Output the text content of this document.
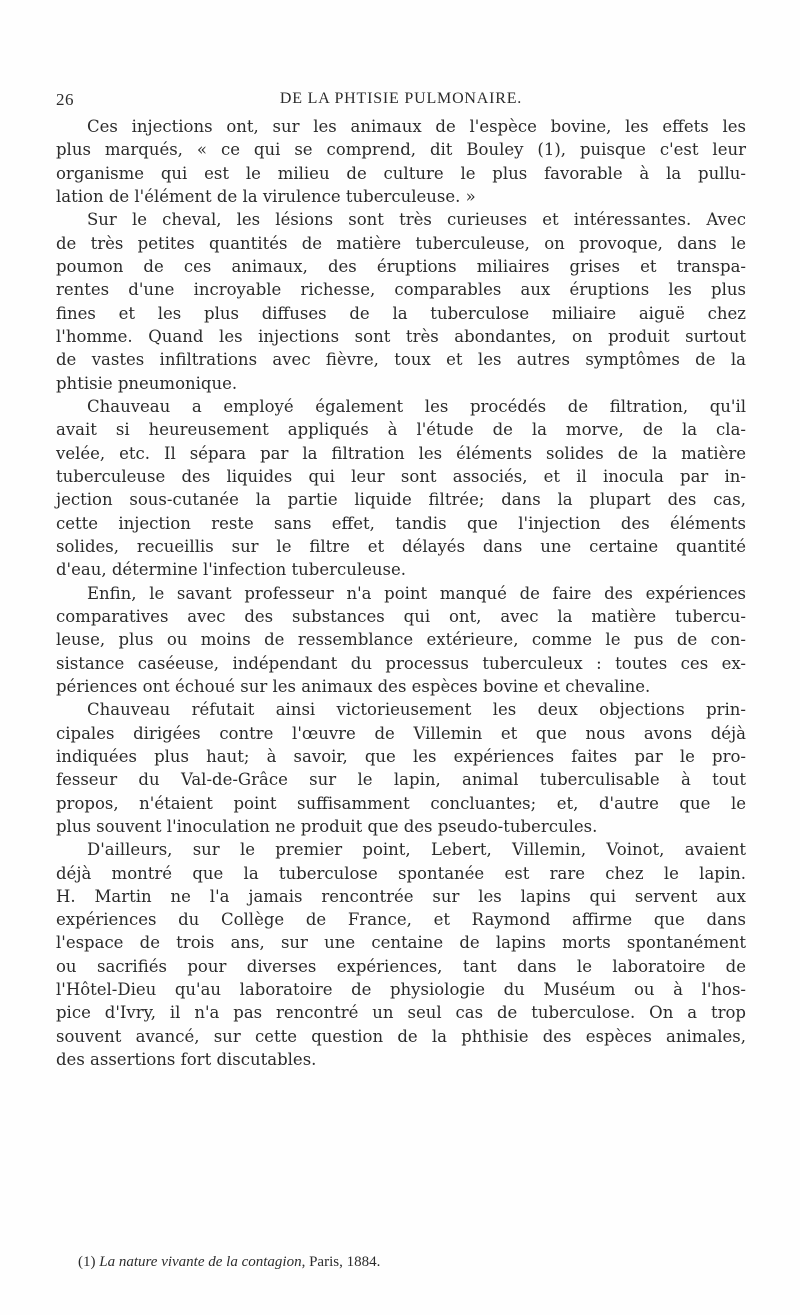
26	DE LA PHTISIE PULMONAIRE.
Ces injections ont, sur les animaux de l'espèce bovine, les effets les
plus marqués, « ce qui se comprend, dit Bouley (1), puisque c'est leur
organisme qui est le milieu de culture le plus favorable à la pullu-
lation de l'élément de la virulence tuberculeuse. »
Sur le cheval, les lésions sont très curieuses et intéressantes. Avec
de très petites quantités de matière tuberculeuse, on provoque, dans le
poumon de ces animaux, des éruptions miliaires grises et transpa-
rentes d'une incroyable richesse, comparables aux éruptions les plus
fines et les plus diffuses de la tuberculose miliaire aiguë chez
l'homme. Quand les injections sont très abondantes, on produit surtout
de vastes infiltrations avec fièvre, toux et les autres symptômes de la
phtisie pneumonique.
Chauveau a employé également les procédés de filtration, qu'il
avait si heureusement appliqués à l'étude de la morve, de la cla-
velée, etc. Il sépara par la filtration les éléments solides de la matière
tuberculeuse des liquides qui leur sont associés, et il inocula par in-
jection sous-cutanée la partie liquide filtrée; dans la plupart des cas,
cette injection reste sans effet, tandis que l'injection des éléments
solides, recueillis sur le filtre et délayés dans une certaine quantité
d'eau, détermine l'infection tuberculeuse.
Enfin, le savant professeur n'a point manqué de faire des expériences
comparatives avec des substances qui ont, avec la matière tubercu-
leuse, plus ou moins de ressemblance extérieure, comme le pus de con-
sistance caséeuse, indépendant du processus tuberculeux : toutes ces ex-
périences ont échoué sur les animaux des espèces bovine et chevaline.
Chauveau réfutait ainsi victorieusement les deux objections prin-
cipales dirigées contre l'œuvre de Villemin et que nous avons déjà
indiquées plus haut; à savoir, que les expériences faites par le pro-
fesseur du Val-de-Grâce sur le lapin, animal tuberculisable à tout
propos, n'étaient point suffisamment concluantes; et, d'autre que le
plus souvent l'inoculation ne produit que des pseudo-tubercules.
D'ailleurs, sur le premier point, Lebert, Villemin, Voinot, avaient
déjà montré que la tuberculose spontanée est rare chez le lapin.
H. Martin ne l'a jamais rencontrée sur les lapins qui servent aux
expériences du Collège de France, et Raymond affirme que dans
l'espace de trois ans, sur une centaine de lapins morts spontanément
ou sacrifiés pour diverses expériences, tant dans le laboratoire de
l'Hôtel-Dieu qu'au laboratoire de physiologie du Muséum ou à l'hos-
pice d'Ivry, il n'a pas rencontré un seul cas de tuberculose. On a trop
souvent avancé, sur cette question de la phthisie des espèces animales,
des assertions fort discutables.
(1) La nature vivante de la contagion, Paris, 1884.
